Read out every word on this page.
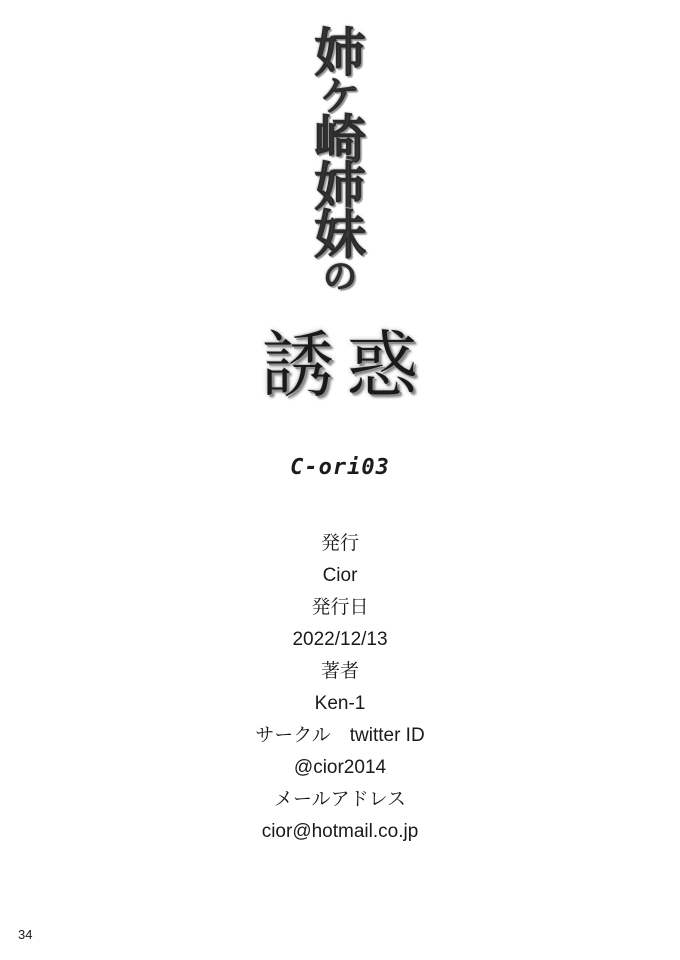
姉
ケ
崎
姉
妹
の
誘 惑
C-ori03
発行
Cior
発行日
2022/12/13
著者
Ken-1
サークル　twitter ID
@cior2014
メールアドレス
cior@hotmail.co.jp
34
